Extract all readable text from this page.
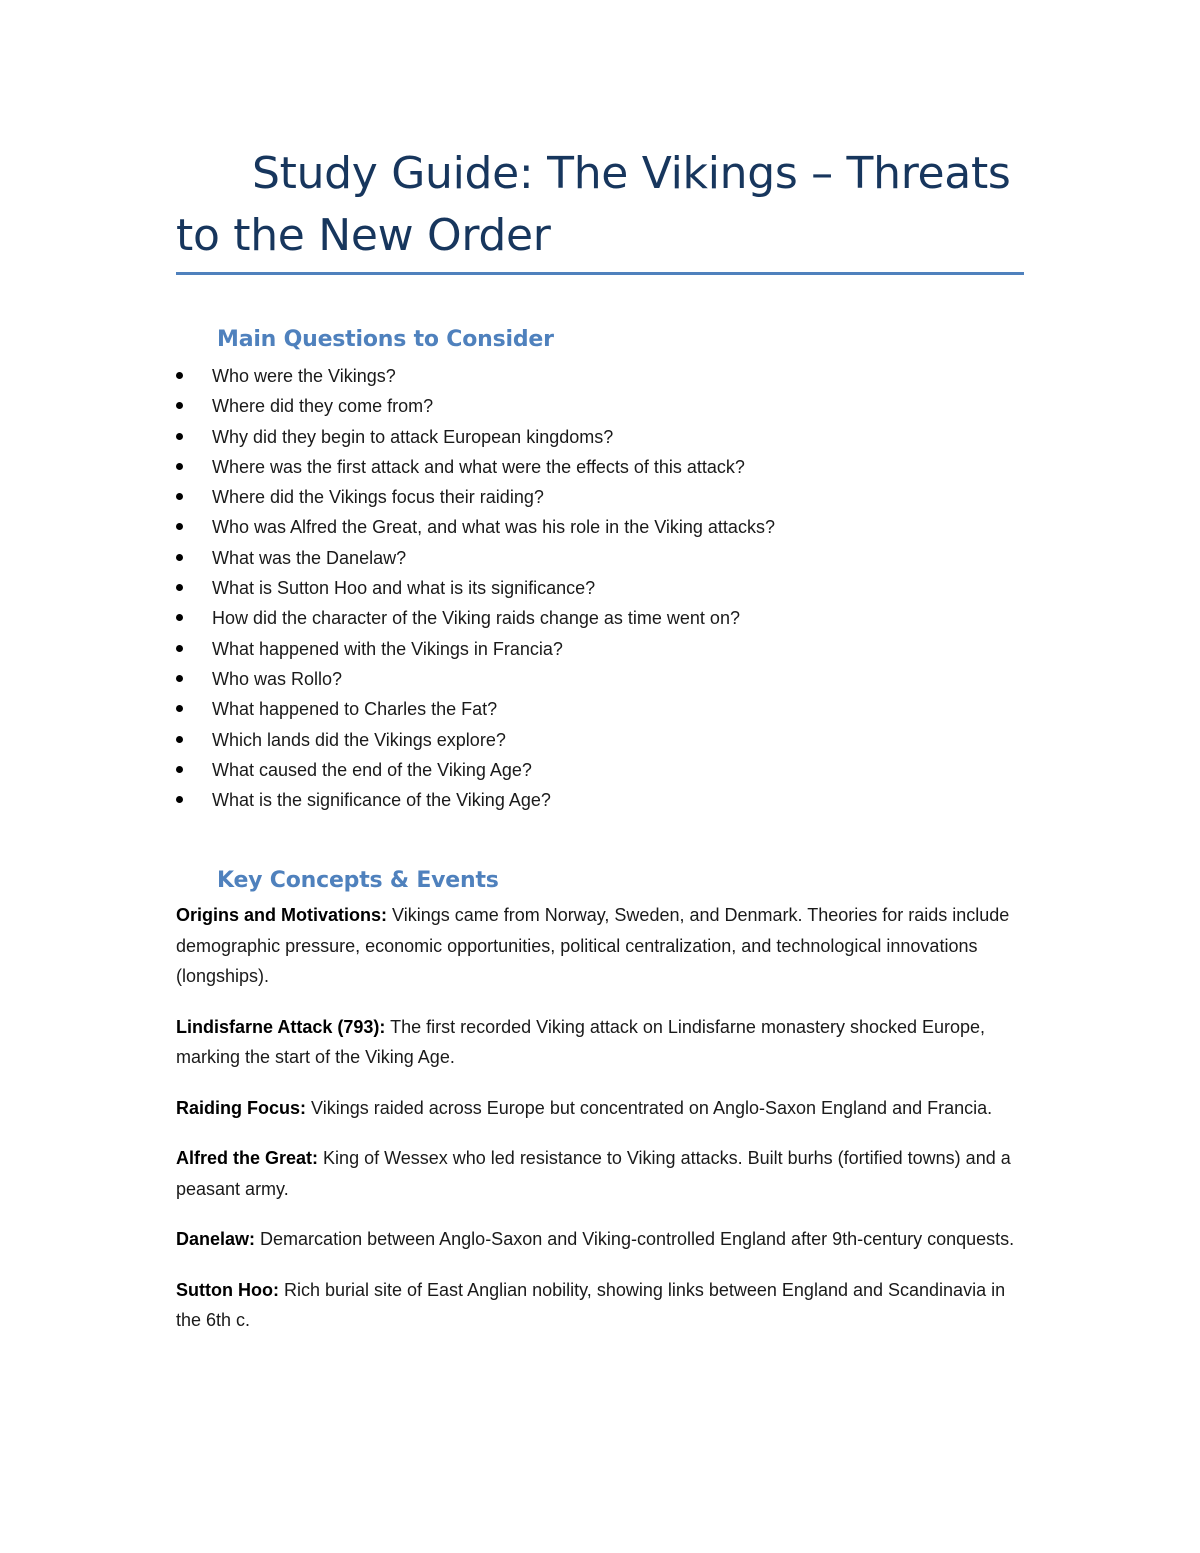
Study Guide: The Vikings – Threats to the New Order
Main Questions to Consider
Who were the Vikings?
Where did they come from?
Why did they begin to attack European kingdoms?
Where was the first attack and what were the effects of this attack?
Where did the Vikings focus their raiding?
Who was Alfred the Great, and what was his role in the Viking attacks?
What was the Danelaw?
What is Sutton Hoo and what is its significance?
How did the character of the Viking raids change as time went on?
What happened with the Vikings in Francia?
Who was Rollo?
What happened to Charles the Fat?
Which lands did the Vikings explore?
What caused the end of the Viking Age?
What is the significance of the Viking Age?
Key Concepts & Events

Origins and Motivations: Vikings came from Norway, Sweden, and Denmark. Theories for raids include demographic pressure, economic opportunities, political centralization, and technological innovations (longships).

Lindisfarne Attack (793): The first recorded Viking attack on Lindisfarne monastery shocked Europe, marking the start of the Viking Age.

Raiding Focus: Vikings raided across Europe but concentrated on Anglo-Saxon England and Francia.

Alfred the Great: King of Wessex who led resistance to Viking attacks. Built burhs (fortified towns) and a peasant army.

Danelaw: Demarcation between Anglo-Saxon and Viking-controlled England after 9th-century conquests.

Sutton Hoo: Rich burial site of East Anglian nobility, showing links between England and Scandinavia in the 6th c.
